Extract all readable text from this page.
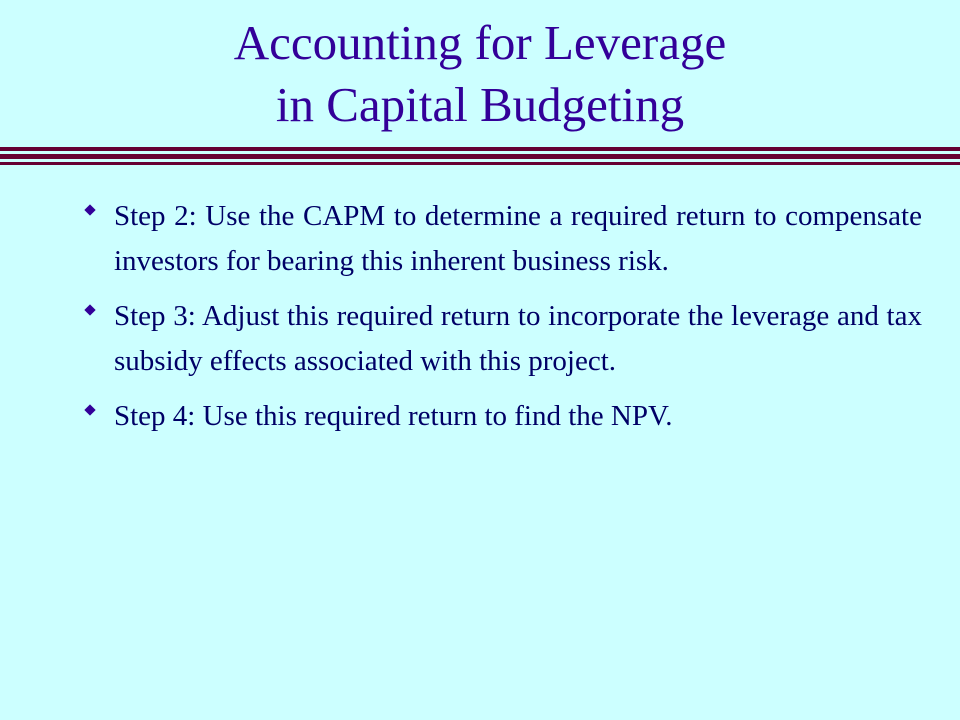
Accounting for Leverage
in Capital Budgeting
Step 2: Use the CAPM to determine a required return to compensate investors for bearing this inherent business risk.
Step 3: Adjust this required return to incorporate the leverage and tax subsidy effects associated with this project.
Step 4: Use this required return to find the NPV.
